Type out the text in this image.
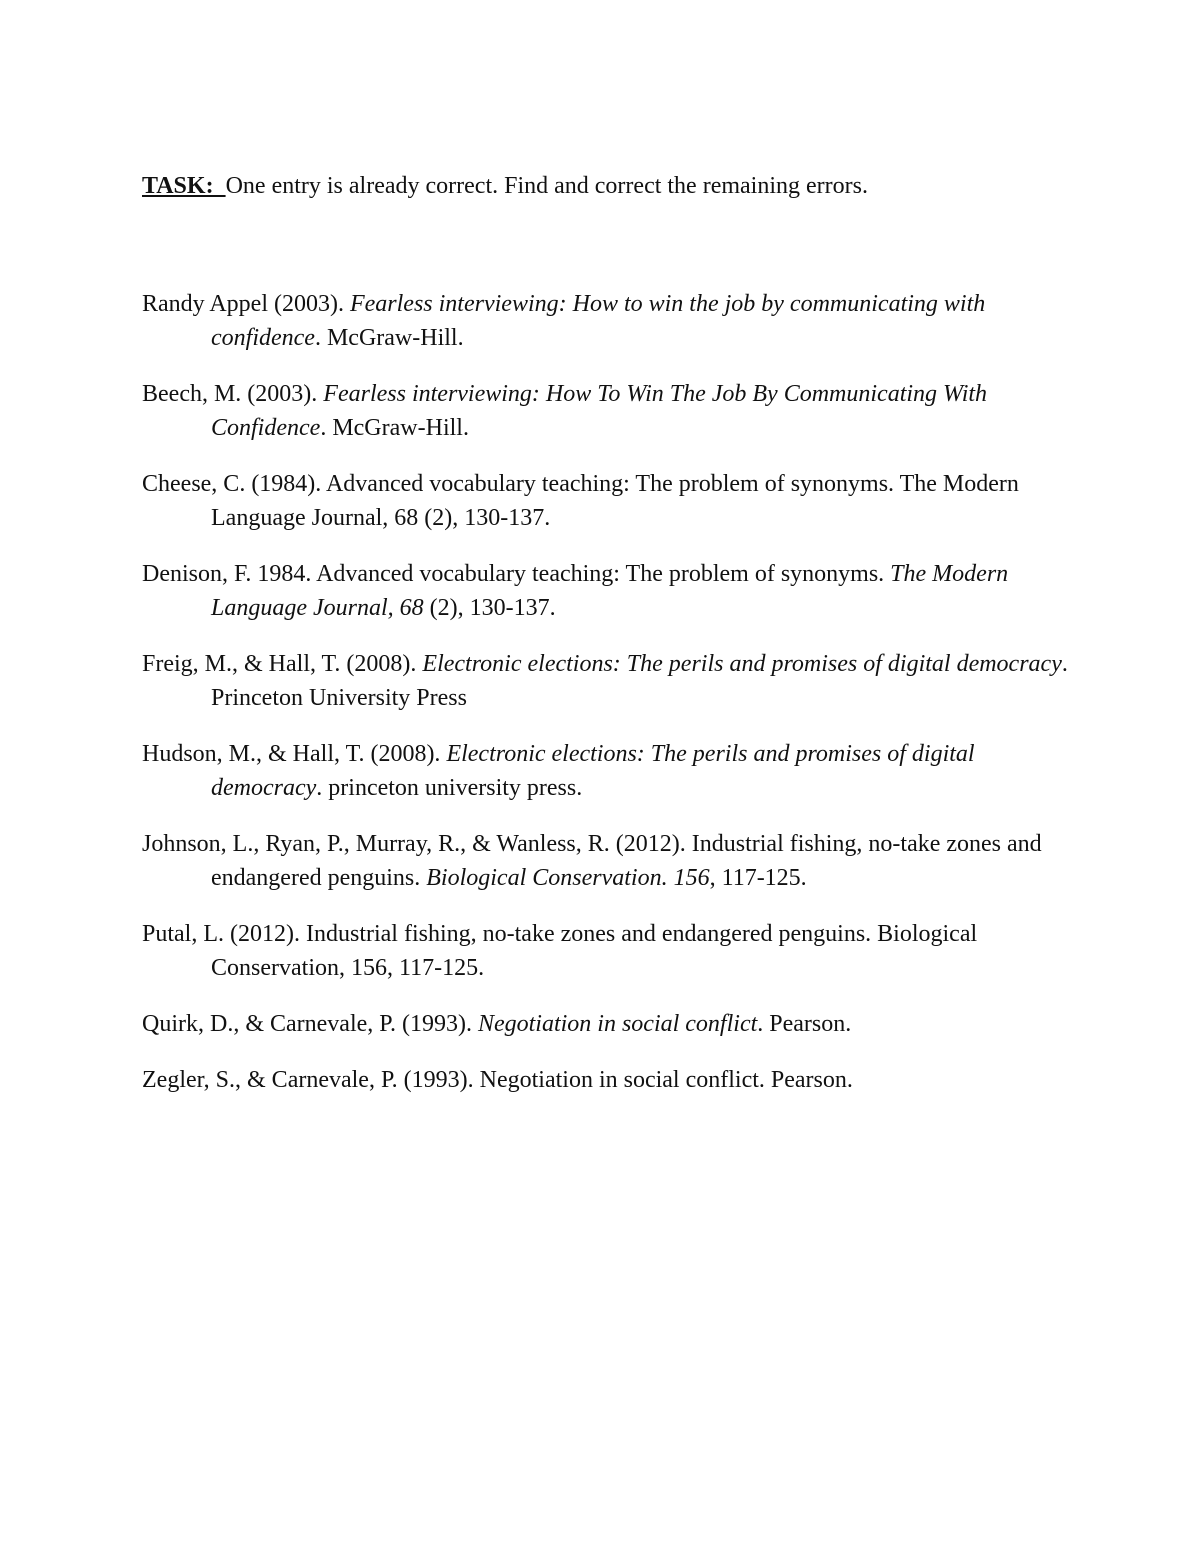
TASK:  One entry is already correct. Find and correct the remaining errors.

Randy Appel (2003). Fearless interviewing: How to win the job by communicating with confidence. McGraw-Hill.

Beech, M. (2003). Fearless interviewing: How To Win The Job By Communicating With Confidence. McGraw-Hill.

Cheese, C. (1984). Advanced vocabulary teaching: The problem of synonyms. The Modern Language Journal, 68 (2), 130-137.

Denison, F. 1984. Advanced vocabulary teaching: The problem of synonyms. The Modern Language Journal, 68 (2), 130-137.

Freig, M., & Hall, T. (2008). Electronic elections: The perils and promises of digital democracy. Princeton University Press

Hudson, M., & Hall, T. (2008). Electronic elections: The perils and promises of digital democracy. princeton university press.

Johnson, L., Ryan, P., Murray, R., & Wanless, R. (2012). Industrial fishing, no-take zones and endangered penguins. Biological Conservation. 156, 117-125.

Putal, L. (2012). Industrial fishing, no-take zones and endangered penguins. Biological Conservation, 156, 117-125.

Quirk, D., & Carnevale, P. (1993). Negotiation in social conflict. Pearson.

Zegler, S., & Carnevale, P. (1993). Negotiation in social conflict. Pearson.
